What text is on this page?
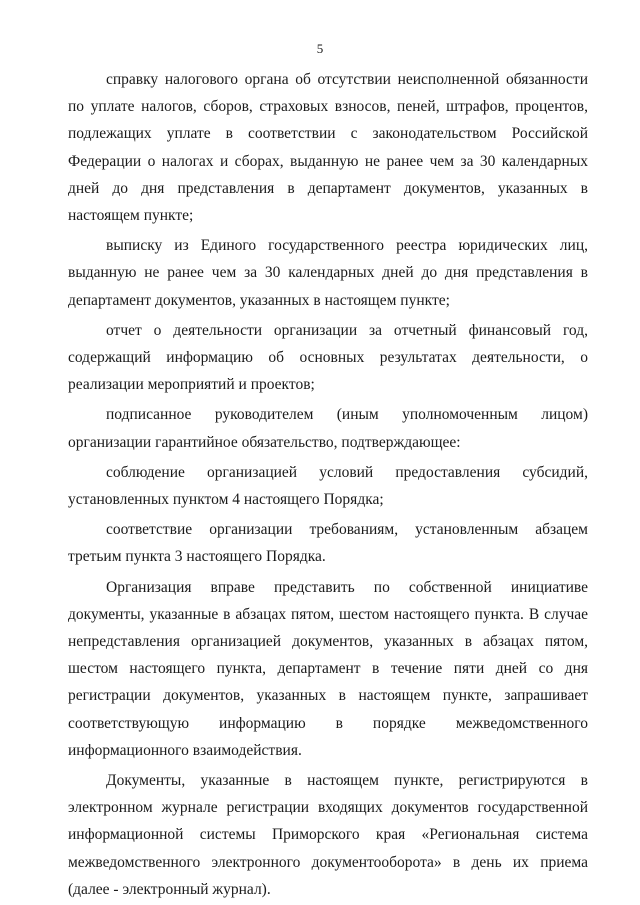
5

справку налогового органа об отсутствии неисполненной обязанности по уплате налогов, сборов, страховых взносов, пеней, штрафов, процентов, подлежащих уплате в соответствии с законодательством Российской Федерации о налогах и сборах, выданную не ранее чем за 30 календарных дней до дня представления в департамент документов, указанных в настоящем пункте;

выписку из Единого государственного реестра юридических лиц, выданную не ранее чем за 30 календарных дней до дня представления в департамент документов, указанных в настоящем пункте;

отчет о деятельности организации за отчетный финансовый год, содержащий информацию об основных результатах деятельности, о реализации мероприятий и проектов;

подписанное руководителем (иным уполномоченным лицом) организации гарантийное обязательство, подтверждающее:

соблюдение организацией условий предоставления субсидий, установленных пунктом 4 настоящего Порядка;

соответствие организации требованиям, установленным абзацем третьим пункта 3 настоящего Порядка.

Организация вправе представить по собственной инициативе документы, указанные в абзацах пятом, шестом настоящего пункта. В случае непредставления организацией документов, указанных в абзацах пятом, шестом настоящего пункта, департамент в течение пяти дней со дня регистрации документов, указанных в настоящем пункте, запрашивает соответствующую информацию в порядке межведомственного информационного взаимодействия.

Документы, указанные в настоящем пункте, регистрируются в электронном журнале регистрации входящих документов государственной информационной системы Приморского края «Региональная система межведомственного электронного документооборота» в день их приема (далее - электронный журнал).
